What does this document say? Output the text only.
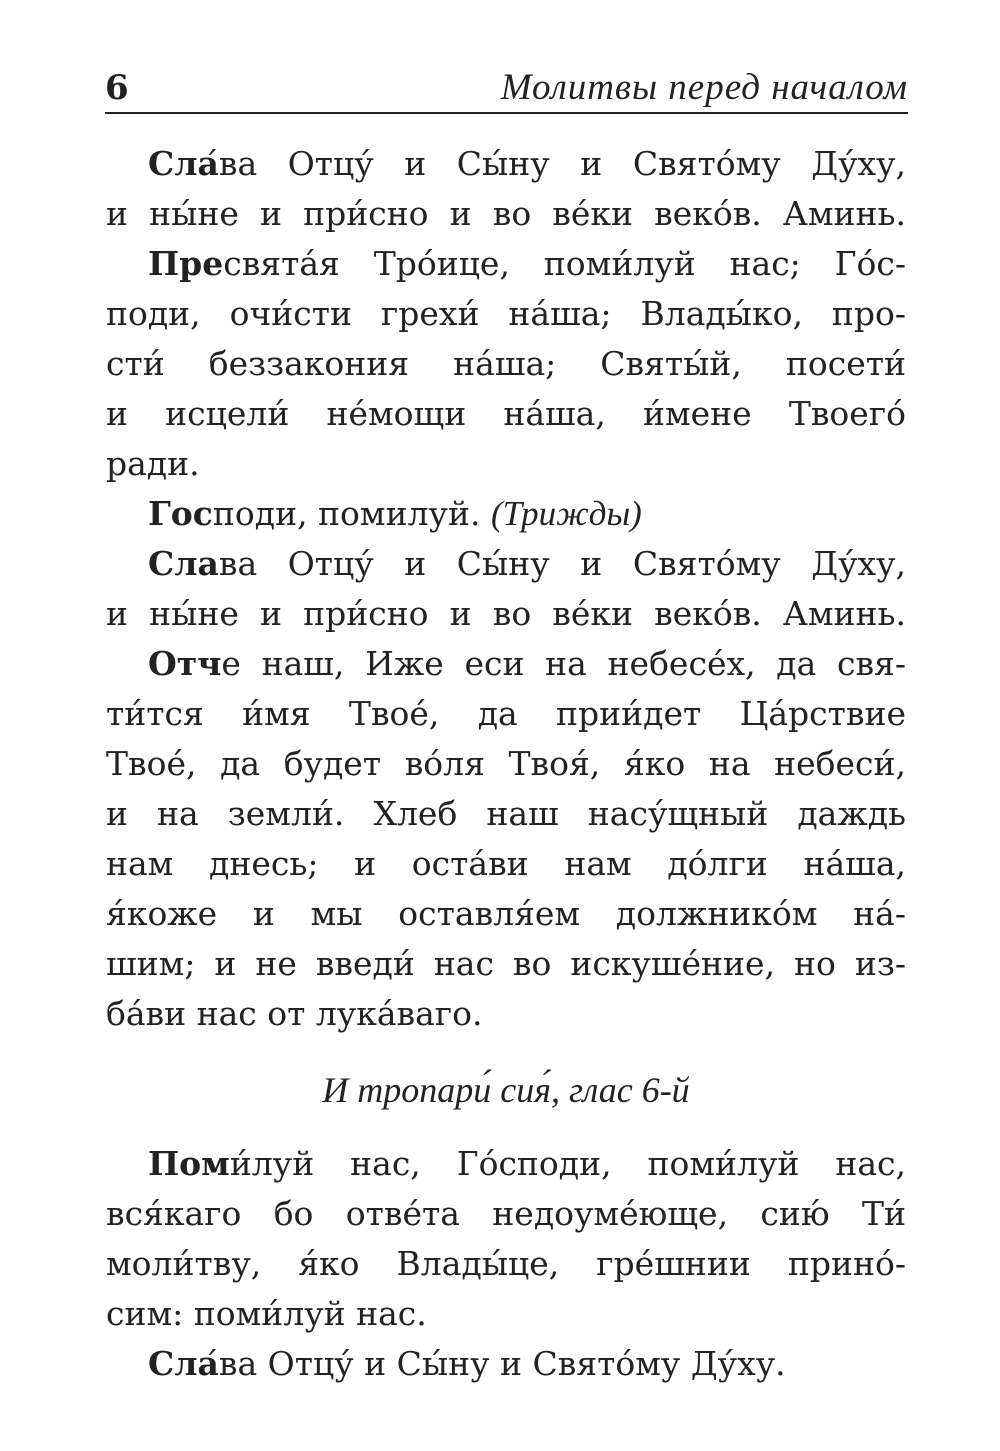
6	Молитвы перед началом
Сла́ва Отцу́ и Сы́ну и Свято́му Ду́ху,
и ны́не и при́сно и во ве́ки веко́в. Аминь.
Пресвята́я Тро́ице, поми́луй нас; Го́с-
поди, очи́сти грехи́ на́ша; Влады́ко, про-
сти́ беззакония на́ша; Святы́й, посети́
и исцели́ не́мощи на́ша, и́мене Твоего́
ради.
Господи, помилуй. (Трижды)
Слава Отцу́ и Сы́ну и Свято́му Ду́ху,
и ны́не и при́сно и во ве́ки веко́в. Аминь.
Отче наш, Иже еси на небесе́х, да свя-
ти́тся и́мя Твое́, да прии́дет Ца́рствие
Твое́, да будет во́ля Твоя́, я́ко на небеси́,
и на земли́. Хлеб наш насу́щный даждь
нам днесь; и оста́ви нам до́лги на́ша,
я́коже и мы оставля́ем должнико́м на́-
шим; и не введи́ нас во искуше́ние, но из-
ба́ви нас от лука́ваго.
И тропари́ сия́, глас 6-й
Поми́луй нас, Го́споди, поми́луй нас,
вся́каго бо отве́та недоуме́юще, сию́ Ти́
моли́тву, я́ко Влады́це, гре́шнии прино́-
сим: поми́луй нас.
Сла́ва Отцу́ и Сы́ну и Свято́му Ду́ху.
